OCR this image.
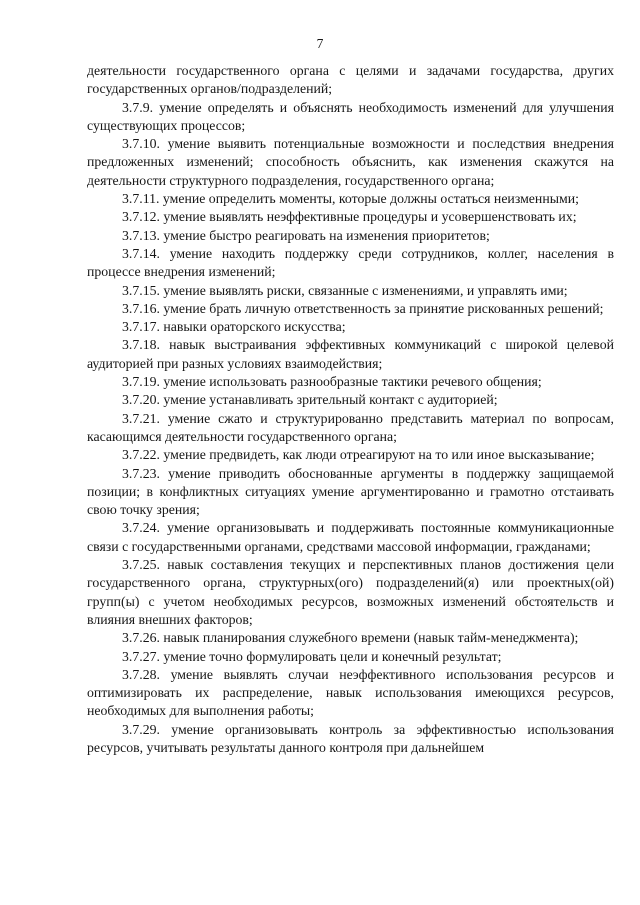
7

деятельности государственного органа с целями и задачами государства, других государственных органов/подразделений;

3.7.9. умение определять и объяснять необходимость изменений для улучшения существующих процессов;

3.7.10. умение выявить потенциальные возможности и последствия внедрения предложенных изменений; способность объяснить, как изменения скажутся на деятельности структурного подразделения, государственного органа;

3.7.11. умение определить моменты, которые должны остаться неизменными;

3.7.12. умение выявлять неэффективные процедуры и усовершенствовать их;

3.7.13. умение быстро реагировать на изменения приоритетов;

3.7.14. умение находить поддержку среди сотрудников, коллег, населения в процессе внедрения изменений;

3.7.15. умение выявлять риски, связанные с изменениями, и управлять ими;

3.7.16. умение брать личную ответственность за принятие рискованных решений;

3.7.17. навыки ораторского искусства;

3.7.18. навык выстраивания эффективных коммуникаций с широкой целевой аудиторией при разных условиях взаимодействия;

3.7.19. умение использовать разнообразные тактики речевого общения;

3.7.20. умение устанавливать зрительный контакт с аудиторией;

3.7.21. умение сжато и структурированно представить материал по вопросам, касающимся деятельности государственного органа;

3.7.22. умение предвидеть, как люди отреагируют на то или иное высказывание;

3.7.23. умение приводить обоснованные аргументы в поддержку защищаемой позиции; в конфликтных ситуациях умение аргументированно и грамотно отстаивать свою точку зрения;

3.7.24. умение организовывать и поддерживать постоянные коммуникационные связи с государственными органами, средствами массовой информации, гражданами;

3.7.25. навык составления текущих и перспективных планов достижения цели государственного органа, структурных(ого) подразделений(я) или проектных(ой) групп(ы) с учетом необходимых ресурсов, возможных изменений обстоятельств и влияния внешних факторов;

3.7.26. навык планирования служебного времени (навык тайм-менеджмента);

3.7.27. умение точно формулировать цели и конечный результат;

3.7.28. умение выявлять случаи неэффективного использования ресурсов и оптимизировать их распределение, навык использования имеющихся ресурсов, необходимых для выполнения работы;

3.7.29. умение организовывать контроль за эффективностью использования ресурсов, учитывать результаты данного контроля при дальнейшем
